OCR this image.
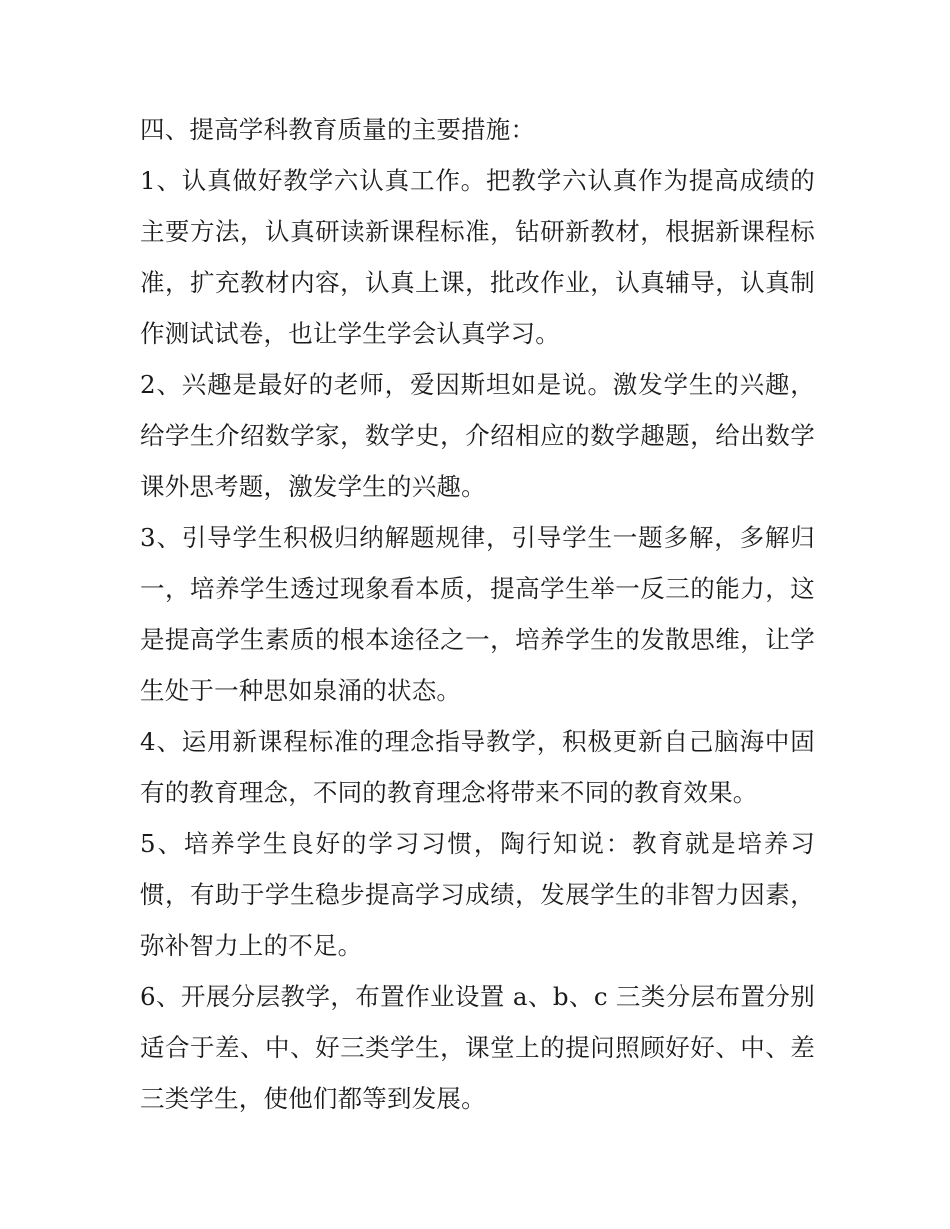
四、提高学科教育质量的主要措施：

1、认真做好教学六认真工作。把教学六认真作为提高成绩的主要方法，认真研读新课程标准，钻研新教材，根据新课程标准，扩充教材内容，认真上课，批改作业，认真辅导，认真制作测试试卷，也让学生学会认真学习。

2、兴趣是最好的老师，爱因斯坦如是说。激发学生的兴趣，给学生介绍数学家，数学史，介绍相应的数学趣题，给出数学课外思考题，激发学生的兴趣。

3、引导学生积极归纳解题规律，引导学生一题多解，多解归一，培养学生透过现象看本质，提高学生举一反三的能力，这是提高学生素质的根本途径之一，培养学生的发散思维，让学生处于一种思如泉涌的状态。

4、运用新课程标准的理念指导教学，积极更新自己脑海中固有的教育理念，不同的教育理念将带来不同的教育效果。

5、培养学生良好的学习习惯，陶行知说：教育就是培养习惯，有助于学生稳步提高学习成绩，发展学生的非智力因素，弥补智力上的不足。

6、开展分层教学，布置作业设置 a、b、c 三类分层布置分别适合于差、中、好三类学生，课堂上的提问照顾好好、中、差三类学生，使他们都等到发展。
